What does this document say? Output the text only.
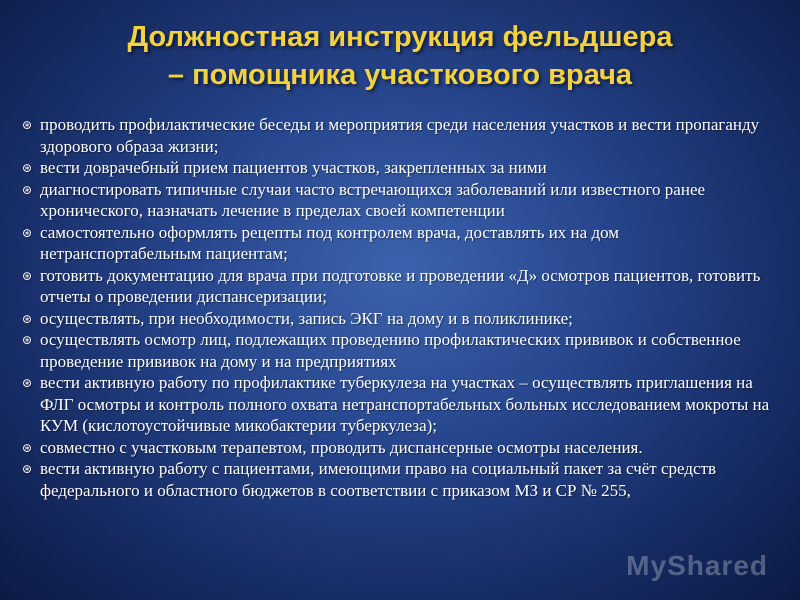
Должностная инструкция фельдшера
– помощника участкового врача
⊛ проводить профилактические беседы и мероприятия среди населения участков и вести пропаганду здорового образа жизни;
⊛ вести доврачебный прием пациентов участков, закрепленных за ними
⊛ диагностировать типичные случаи часто встречающихся заболеваний или известного ранее хронического, назначать лечение в пределах своей компетенции
⊛ самостоятельно оформлять рецепты под контролем врача, доставлять их на дом нетранспортабельным пациентам;
⊛ готовить документацию для врача при подготовке и проведении «Д» осмотров пациентов, готовить отчеты о проведении диспансеризации;
⊛ осуществлять, при необходимости, запись ЭКГ на дому и в поликлинике;
⊛ осуществлять осмотр лиц, подлежащих проведению профилактических прививок и собственное проведение прививок на дому и на предприятиях
⊛ вести активную работу по профилактике туберкулеза на участках – осуществлять приглашения на ФЛГ осмотры и контроль полного охвата нетранспортабельных больных исследованием мокроты на КУМ (кислотоустойчивые микобактерии туберкулеза);
⊛ совместно с участковым терапевтом, проводить диспансерные осмотры населения.
⊛ вести активную работу с пациентами, имеющими право на социальный пакет за счёт средств федерального и областного бюджетов в соответствии с приказом МЗ и СР № 255,
MyShared
